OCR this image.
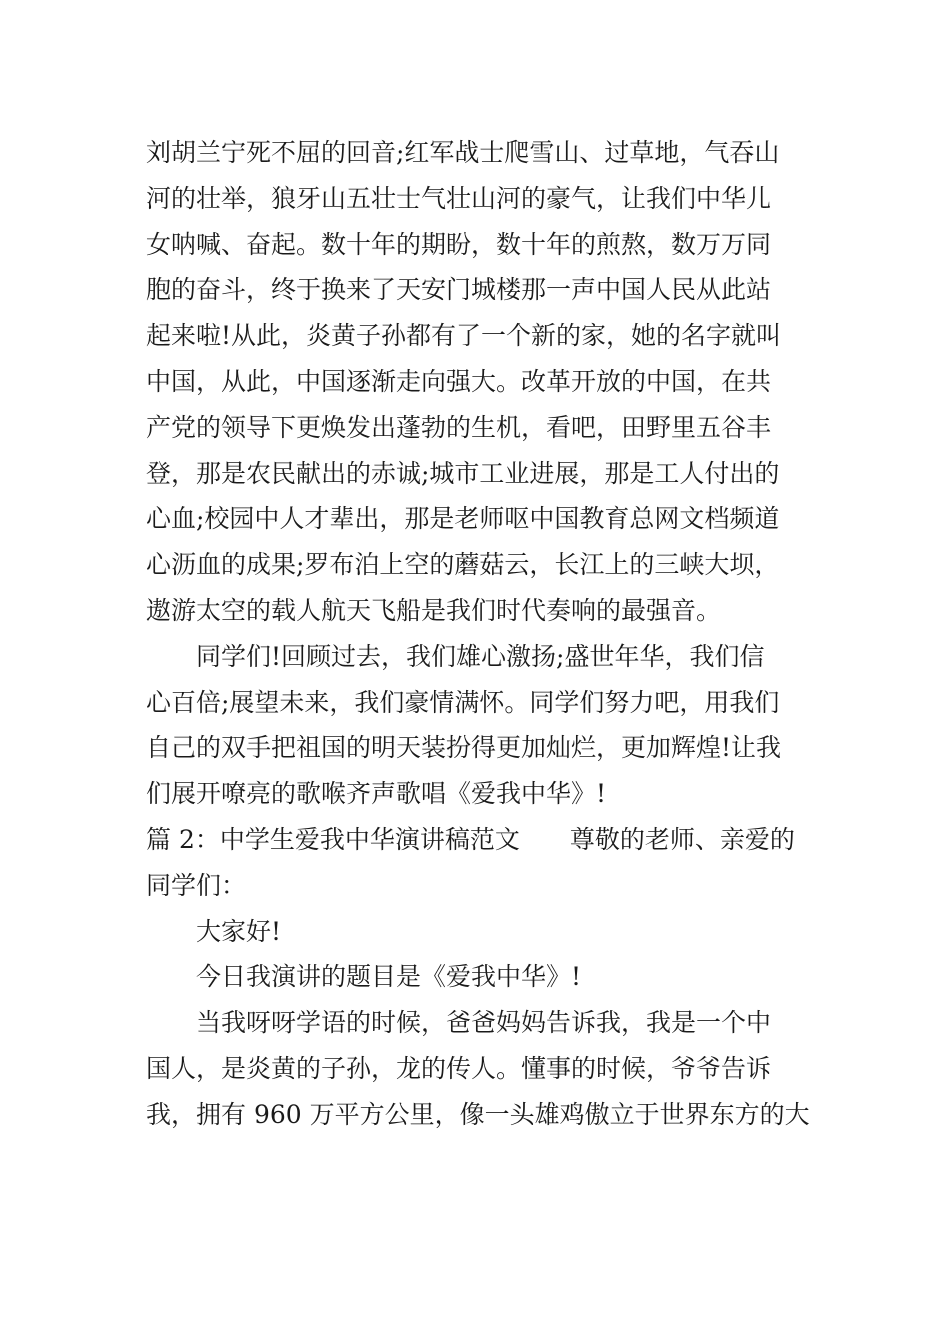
刘胡兰宁死不屈的回音;红军战士爬雪山、过草地，气吞山
河的壮举，狼牙山五壮士气壮山河的豪气，让我们中华儿
女呐喊、奋起。数十年的期盼，数十年的煎熬，数万万同
胞的奋斗，终于换来了天安门城楼那一声中国人民从此站
起来啦!从此，炎黄子孙都有了一个新的家，她的名字就叫
中国，从此，中国逐渐走向强大。改革开放的中国，在共
产党的领导下更焕发出蓬勃的生机，看吧，田野里五谷丰
登，那是农民献出的赤诚;城市工业进展，那是工人付出的
心血;校园中人才辈出，那是老师呕中国教育总网文档频道
心沥血的成果;罗布泊上空的蘑菇云，长江上的三峡大坝，
遨游太空的载人航天飞船是我们时代奏响的最强音。
同学们!回顾过去，我们雄心激扬;盛世年华，我们信
心百倍;展望未来，我们豪情满怀。同学们努力吧，用我们
自己的双手把祖国的明天装扮得更加灿烂，更加辉煌!让我
们展开嘹亮的歌喉齐声歌唱《爱我中华》!
篇 2：中学生爱我中华演讲稿范文　　尊敬的老师、亲爱的
同学们：
大家好!
今日我演讲的题目是《爱我中华》!
当我呀呀学语的时候，爸爸妈妈告诉我，我是一个中
国人，是炎黄的子孙，龙的传人。懂事的时候，爷爷告诉
我，拥有 960 万平方公里，像一头雄鸡傲立于世界东方的大
